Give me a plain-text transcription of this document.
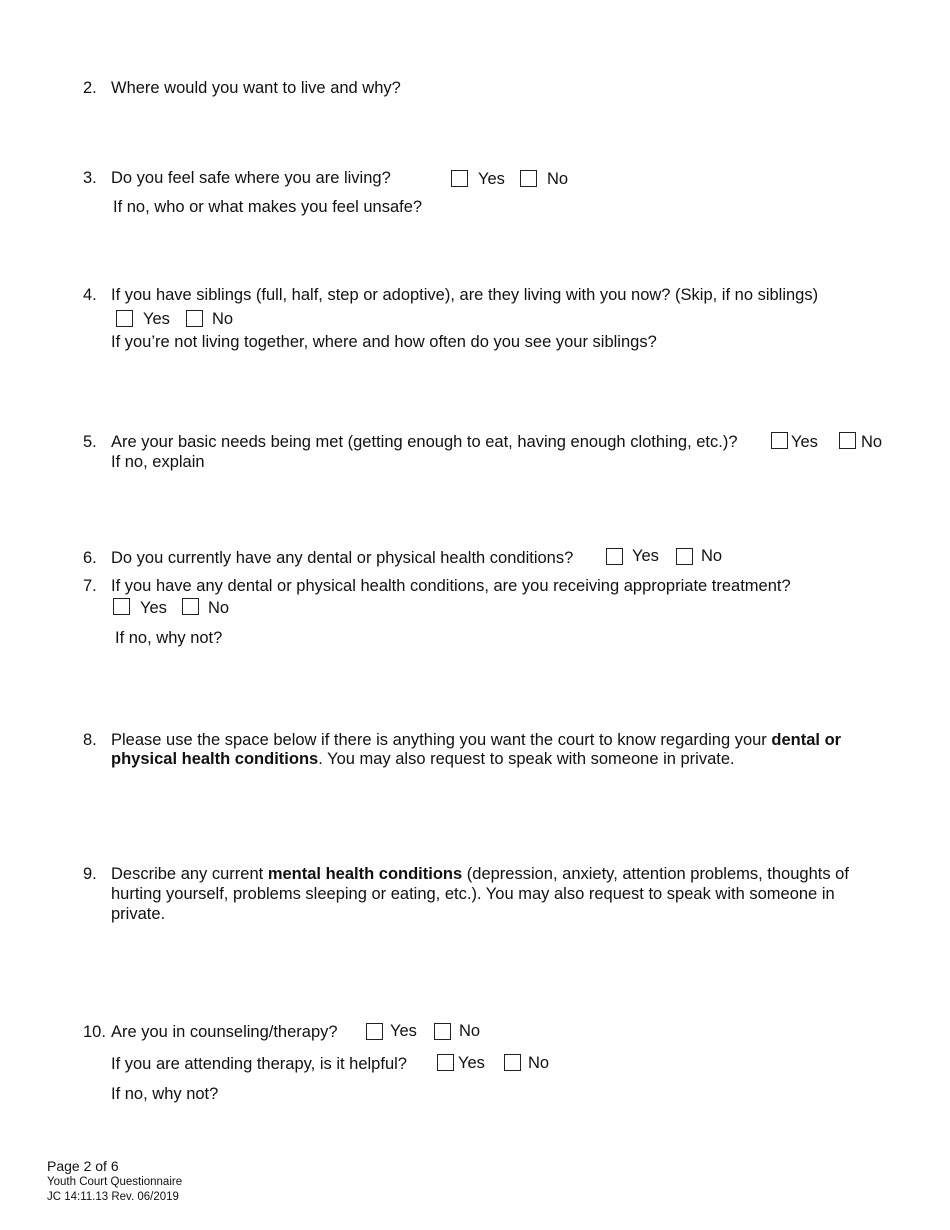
2. Where would you want to live and why?
3. Do you feel safe where you are living?	Yes	No
If no, who or what makes you feel unsafe?
4. If you have siblings (full, half, step or adoptive), are they living with you now? (Skip, if no siblings)
Yes	No
If you’re not living together, where and how often do you see your siblings?
5. Are your basic needs being met (getting enough to eat, having enough clothing, etc.)?	Yes	No
If no, explain
6. Do you currently have any dental or physical health conditions?	Yes	No
7. If you have any dental or physical health conditions, are you receiving appropriate treatment?
Yes No
If no, why not?
8. Please use the space below if there is anything you want the court to know regarding your dental or
physical health conditions. You may also request to speak with someone in private.
9. Describe any current mental health conditions (depression, anxiety, attention problems, thoughts of
hurting yourself, problems sleeping or eating, etc.). You may also request to speak with someone in
private.
10. Are you in counseling/therapy?	Yes	No
If you are attending therapy, is it helpful?	Yes	No
If no, why not?
Page 2 of 6
Youth Court Questionnaire
JC 14:11.13 Rev. 06/2019
